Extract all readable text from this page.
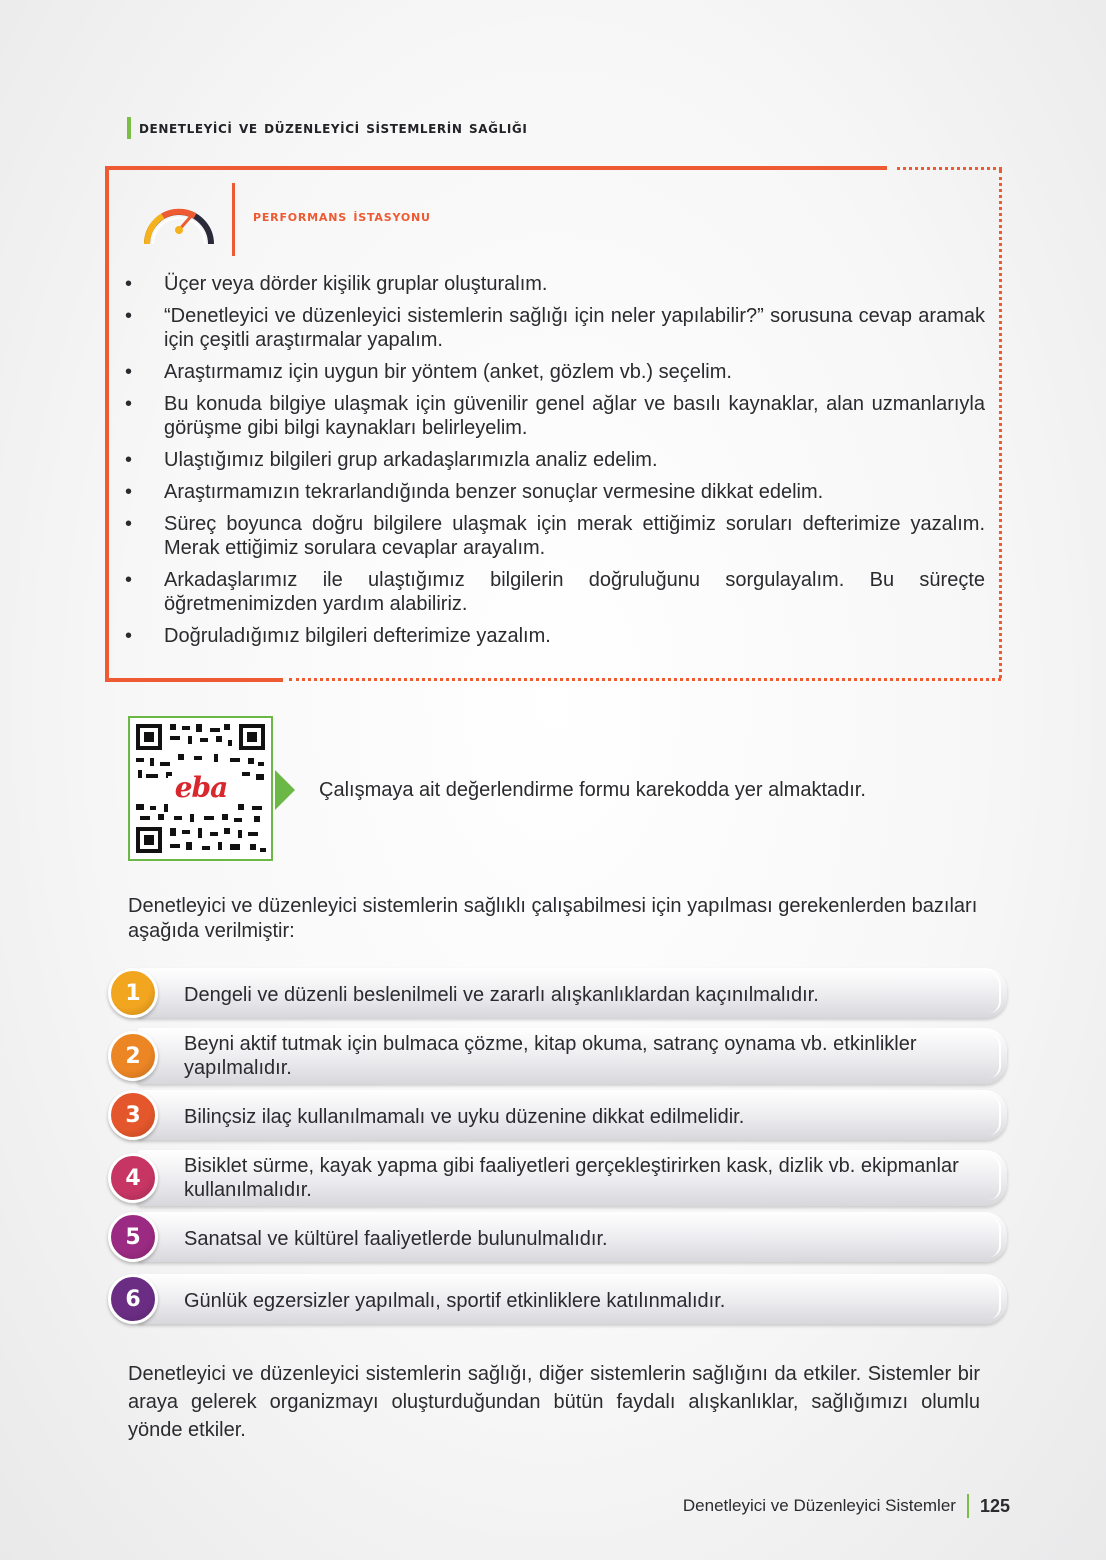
denetleyi̇ci̇ ve düzenleyi̇ci̇ si̇stemleri̇n sağliği
performans i̇stasyonu
• Üçer veya dörder kişilik gruplar oluşturalım.
• “Denetleyici ve düzenleyici sistemlerin sağlığı için neler yapılabilir?” sorusuna cevap aramak için çeşitli araştırmalar yapalım.
• Araştırmamız için uygun bir yöntem (anket, gözlem vb.) seçelim.
• Bu konuda bilgiye ulaşmak için güvenilir genel ağlar ve basılı kaynaklar, alan uzmanlarıyla görüşme gibi bilgi kaynakları belirleyelim.
• Ulaştığımız bilgileri grup arkadaşlarımızla analiz edelim.
• Araştırmamızın tekrarlandığında benzer sonuçlar vermesine dikkat edelim.
• Süreç boyunca doğru bilgilere ulaşmak için merak ettiğimiz soruları defterimize yazalım. Merak ettiğimiz sorulara cevaplar arayalım.
• Arkadaşlarımız ile ulaştığımız bilgilerin doğruluğunu sorgulayalım. Bu süreçte öğretmenimizden yardım alabiliriz.
• Doğruladığımız bilgileri defterimize yazalım.
eba	Çalışmaya ait değerlendirme formu karekodda yer almaktadır.
Denetleyici ve düzenleyici sistemlerin sağlıklı çalışabilmesi için yapılması gerekenlerden bazıları aşağıda verilmiştir:
1 Dengeli ve düzenli beslenilmeli ve zararlı alışkanlıklardan kaçınılmalıdır.
2 Beyni aktif tutmak için bulmaca çözme, kitap okuma, satranç oynama vb. etkinlikler yapılmalıdır.
3 Bilinçsiz ilaç kullanılmamalı ve uyku düzenine dikkat edilmelidir.
4 Bisiklet sürme, kayak yapma gibi faaliyetleri gerçekleştirirken kask, dizlik vb. ekipmanlar kullanılmalıdır.
5 Sanatsal ve kültürel faaliyetlerde bulunulmalıdır.
6 Günlük egzersizler yapılmalı, sportif etkinliklere katılınmalıdır.
Denetleyici ve düzenleyici sistemlerin sağlığı, diğer sistemlerin sağlığını da etkiler. Sistemler bir araya gelerek organizmayı oluşturduğundan bütün faydalı alışkanlıklar, sağlığımızı olumlu yönde etkiler.
Denetleyici ve Düzenleyici Sistemler 125
